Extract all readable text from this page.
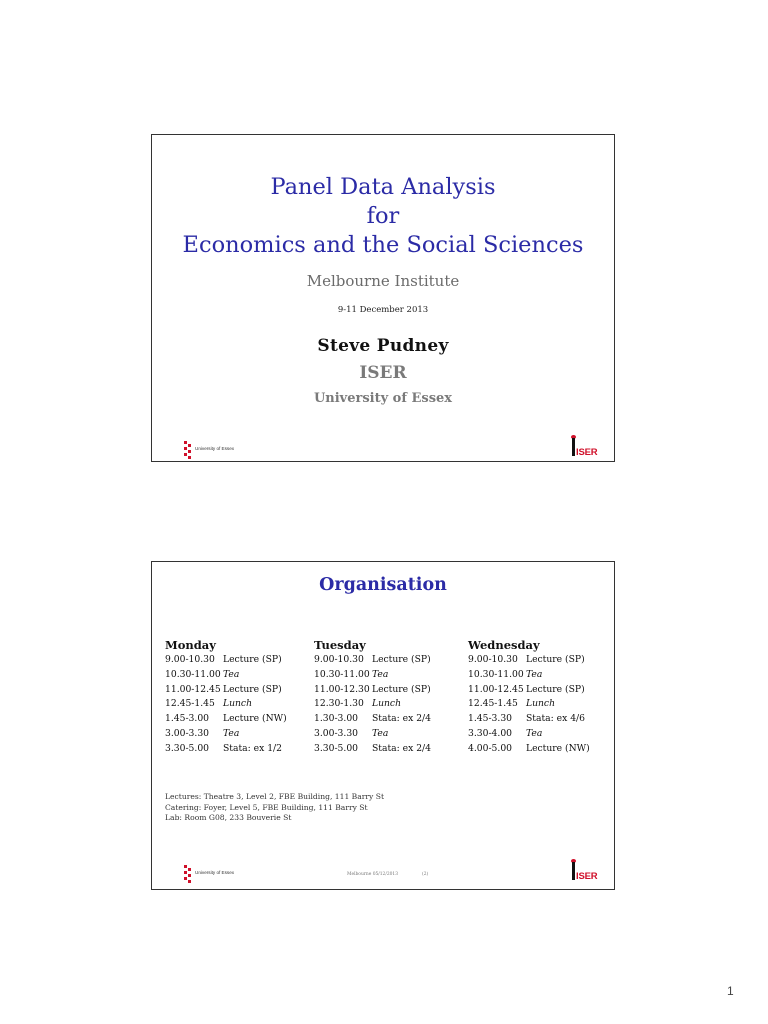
Panel Data Analysis
for
Economics and the Social Sciences
Melbourne Institute
9-11 December 2013
Steve Pudney
ISER
University of Essex
University of Essex	ISER
Organisation
Monday
9.00-10.30 Lecture (SP)
10.30-11.00 Tea
11.00-12.45 Lecture (SP)
12.45-1.45 Lunch
1.45-3.00 Lecture (NW)
3.00-3.30 Tea
3.30-5.00 Stata: ex 1/2
Tuesday
9.00-10.30 Lecture (SP)
10.30-11.00 Tea
11.00-12.30 Lecture (SP)
12.30-1.30 Lunch
1.30-3.00 Stata: ex 2/4
3.00-3.30 Tea
3.30-5.00 Stata: ex 2/4
Wednesday
9.00-10.30 Lecture (SP)
10.30-11.00 Tea
11.00-12.45 Lecture (SP)
12.45-1.45 Lunch
1.45-3.30 Stata: ex 4/6
3.30-4.00 Tea
4.00-5.00 Lecture (NW)
Lectures: Theatre 3, Level 2, FBE Building, 111 Barry St
Catering: Foyer, Level 5, FBE Building, 111 Barry St
Lab: Room G08, 233 Bouverie St
Melbourne 05/12/2013	(2)
University of Essex	ISER
1
